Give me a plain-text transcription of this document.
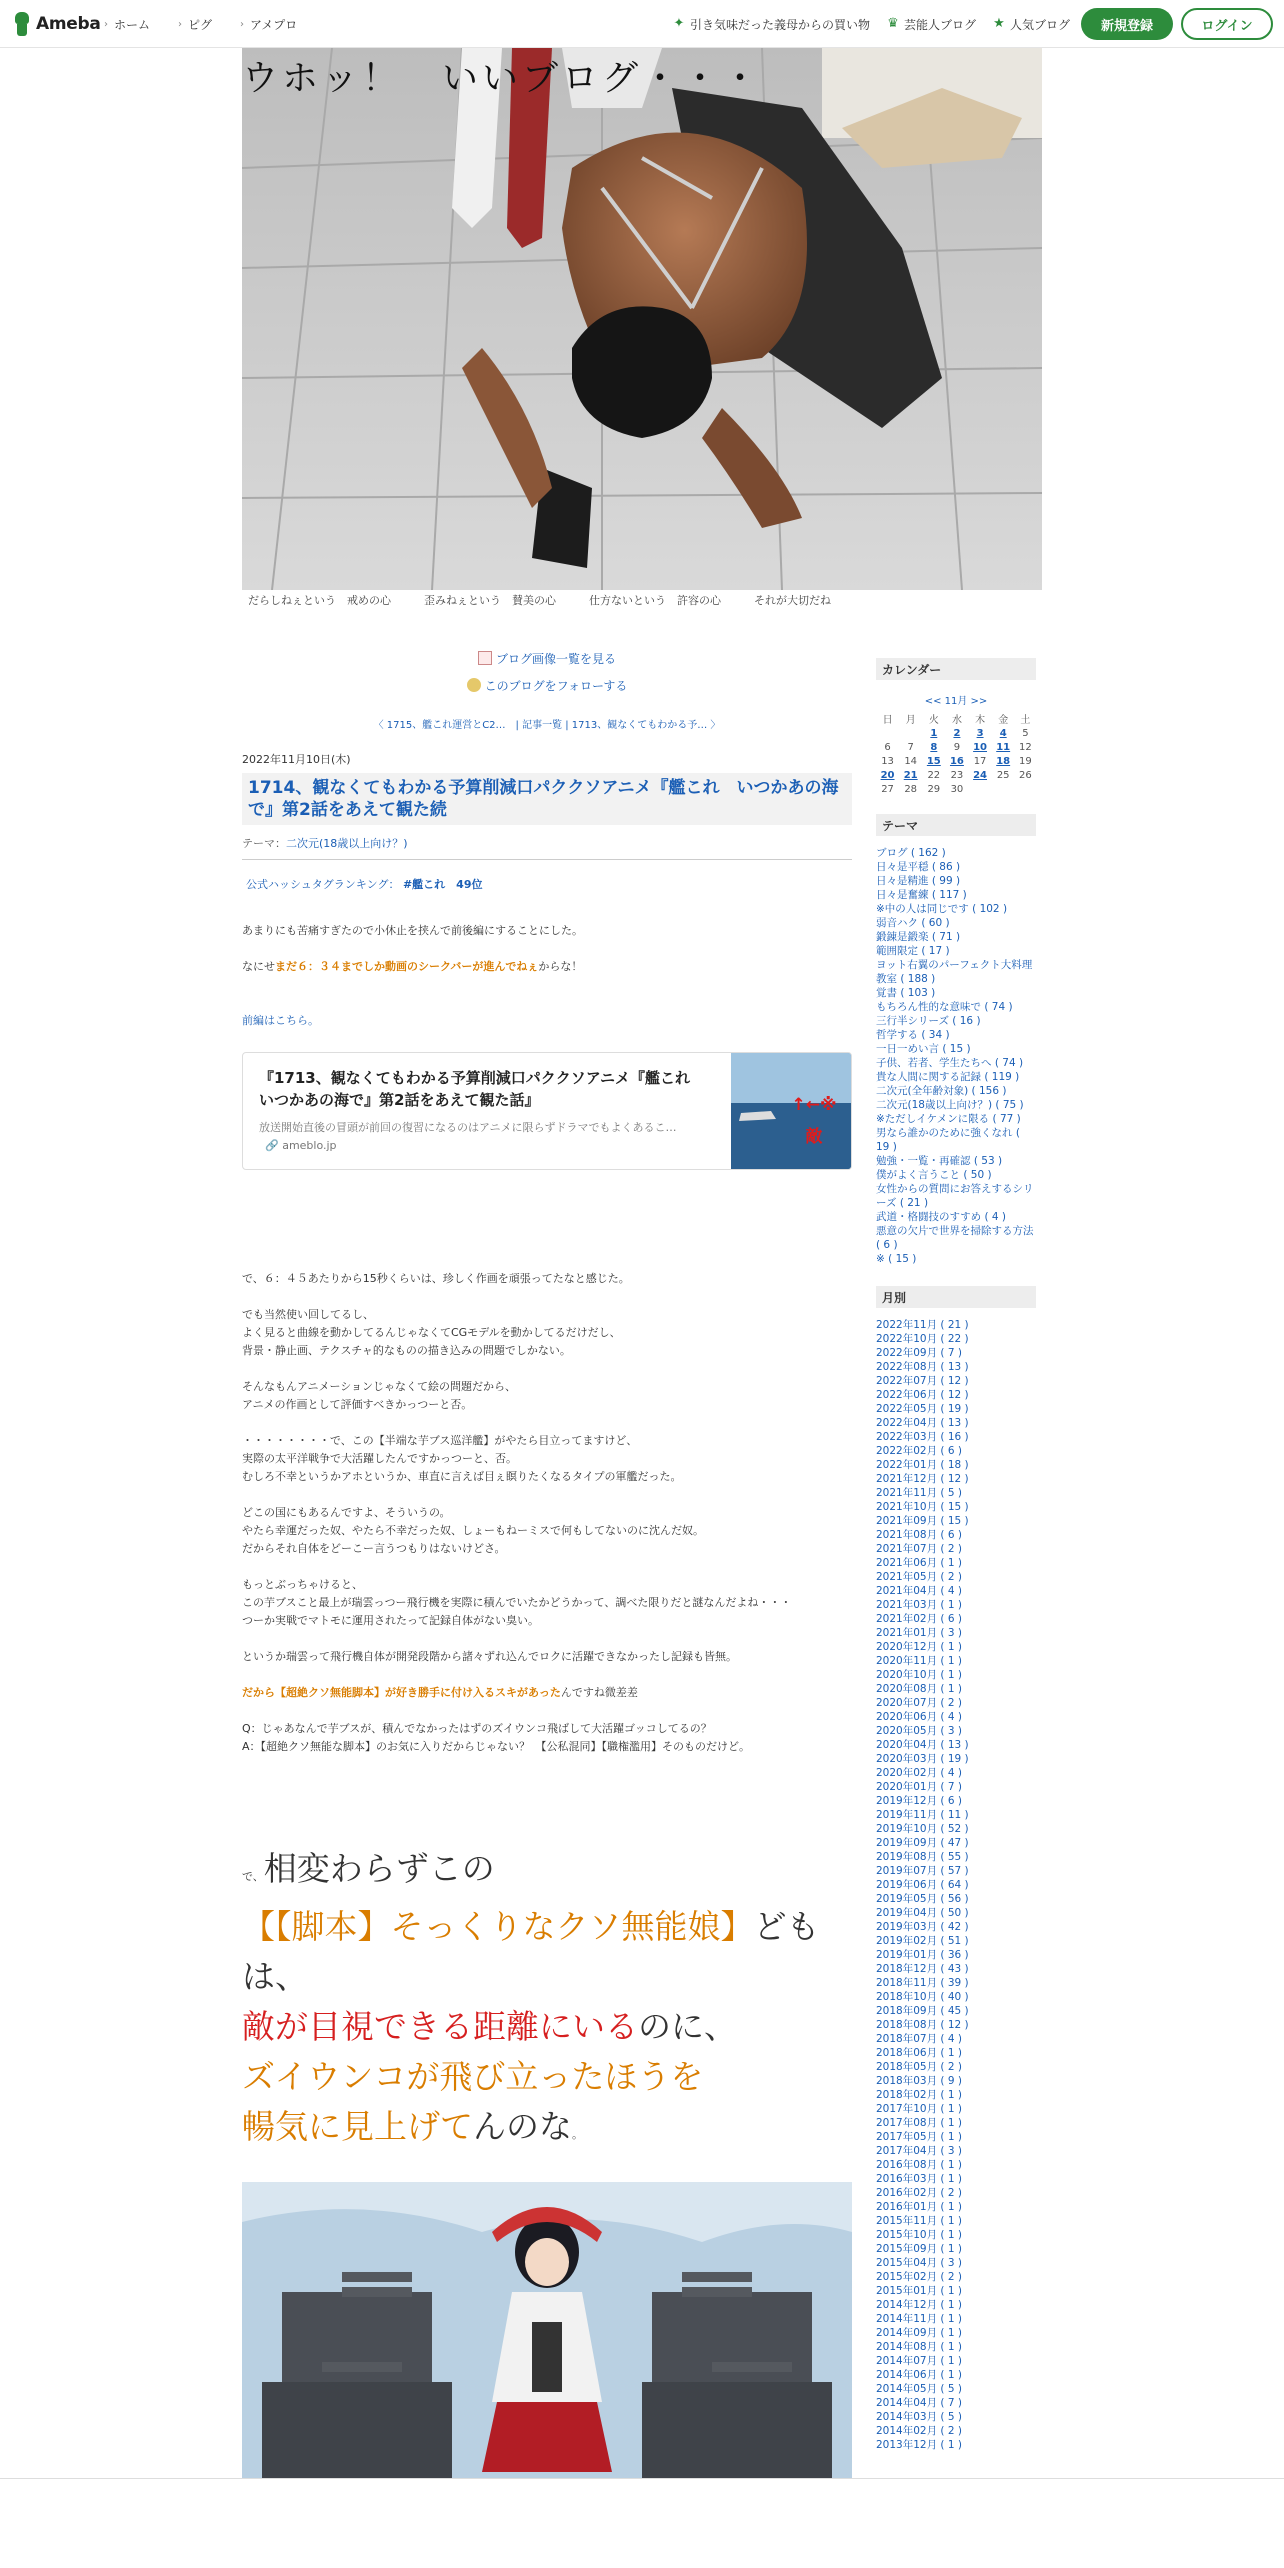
Ameba › ホーム	› ピグ	› アメプロ	✦ 引き気味だった義母からの買い物 ♛ 芸能人ブログ ★ 人気ブログ	新規登録	ログイン
ウホッ！　いいブログ・・・
だらしねぇという　戒めの心　　　歪みねぇという　賛美の心　　　仕方ないという　許容の心　　　それが大切だね
ブログ画像一覧を見る
このブログをフォローする
〈 1715、艦これ運営とC2…　| 記事一覧 | 1713、観なくてもわかる予… 〉
2022年11月10日(木)
1714、観なくてもわかる予算削減口パククソアニメ『艦これ　いつかあの海で』第2話をあえて観た続
テーマ：二次元(18歳以上向け？)
公式ハッシュタグランキング： #艦これ　49位
あまりにも苦痛すぎたので小休止を挟んで前後編にすることにした。
なにせまだ６：３４までしか動画のシークバーが進んでねぇからな！
前編はこちら。
『1713、観なくてもわかる予算削減口パククソアニメ『艦これ　いつかあの海で』第2話をあえて観た話』
放送開始直後の冒頭が前回の復習になるのはアニメに限らずドラマでもよくあるこ…
🔗 ameblo.jp
↑←※
敵
で、６：４５あたりから15秒くらいは、珍しく作画を頑張ってたなと感じた。
でも当然使い回してるし、
よく見ると曲線を動かしてるんじゃなくてCGモデルを動かしてるだけだし、
背景・静止画、テクスチャ的なものの描き込みの問題でしかない。
そんなもんアニメーションじゃなくて絵の問題だから、
アニメの作画として評価すべきかっつーと否。
・・・・・・・・で、この【半端な芋ブス巡洋艦】がやたら目立ってますけど、
実際の太平洋戦争で大活躍したんですかっつーと、否。
むしろ不幸というかアホというか、車直に言えば目ぇ瞑りたくなるタイプの軍艦だった。
どこの国にもあるんですよ、そういうの。
やたら幸運だった奴、やたら不幸だった奴、しょーもねーミスで何もしてないのに沈んだ奴。
だからそれ自体をどーこー言うつもりはないけどさ。
もっとぶっちゃけると、
この芋ブスこと最上が瑞雲っつー飛行機を実際に積んでいたかどうかって、調べた限りだと謎なんだよね・・・
つーか実戦でマトモに運用されたって記録自体がない臭い。
というか瑞雲って飛行機自体が開発段階から諸々ずれ込んでロクに活躍できなかったし記録も皆無。
だから【超絶クソ無能脚本】が好き勝手に付け入るスキがあったんですね微差差
Q：じゃあなんで芋ブスが、積んでなかったはずのズイウンコ飛ばして大活躍ゴッコしてるの？
A：【超絶クソ無能な脚本】のお気に入りだからじゃない？　【公私混同】【職権濫用】そのものだけど。
で、相変わらずこの
【【脚本】そっくりなクソ無能娘】ども
は、
敵が目視できる距離にいるのに、
ズイウンコが飛び立ったほうを
暢気に見上げてんのな。
カレンダー
<< 11月 >>
日	月	火	水	木	金	土
		1	2	3	4	5
6	7	8	9	10	11	12
13	14	15	16	17	18	19
20	21	22	23	24	25	26
27	28	29	30			
テーマ
ブログ ( 162 )
日々是平穏 ( 86 )
日々是精進 ( 99 )
日々是奮練 ( 117 )
※中の人は同じです ( 102 )
弱音ハク ( 60 )
鍛錬是鍛楽 ( 71 )
範囲限定 ( 17 )
ヨット右翼のパーフェクト大料理教室 ( 188 )
覚書 ( 103 )
もちろん性的な意味で ( 74 )
三行半シリーズ ( 16 )
哲学する ( 34 )
一日一めい言 ( 15 )
子供、若者、学生たちへ ( 74 )
貴な人間に関する記録 ( 119 )
二次元(全年齢対象) ( 156 )
二次元(18歳以上向け？) ( 75 )
※ただしイケメンに限る ( 77 )
男なら誰かのために強くなれ ( 19 )
勉強・一覧・再確認 ( 53 )
僕がよく言うこと ( 50 )
女性からの質問にお答えするシリーズ ( 21 )
武道・格闘技のすすめ ( 4 )
悪意の欠片で世界を掃除する方法 ( 6 )
※ ( 15 )
月別
2022年11月 ( 21 )
2022年10月 ( 22 )
2022年09月 ( 7 )
2022年08月 ( 13 )
2022年07月 ( 12 )
2022年06月 ( 12 )
2022年05月 ( 19 )
2022年04月 ( 13 )
2022年03月 ( 16 )
2022年02月 ( 6 )
2022年01月 ( 18 )
2021年12月 ( 12 )
2021年11月 ( 5 )
2021年10月 ( 15 )
2021年09月 ( 15 )
2021年08月 ( 6 )
2021年07月 ( 2 )
2021年06月 ( 1 )
2021年05月 ( 2 )
2021年04月 ( 4 )
2021年03月 ( 1 )
2021年02月 ( 6 )
2021年01月 ( 3 )
2020年12月 ( 1 )
2020年11月 ( 1 )
2020年10月 ( 1 )
2020年08月 ( 1 )
2020年07月 ( 2 )
2020年06月 ( 4 )
2020年05月 ( 3 )
2020年04月 ( 13 )
2020年03月 ( 19 )
2020年02月 ( 4 )
2020年01月 ( 7 )
2019年12月 ( 6 )
2019年11月 ( 11 )
2019年10月 ( 52 )
2019年09月 ( 47 )
2019年08月 ( 55 )
2019年07月 ( 57 )
2019年06月 ( 64 )
2019年05月 ( 56 )
2019年04月 ( 50 )
2019年03月 ( 42 )
2019年02月 ( 51 )
2019年01月 ( 36 )
2018年12月 ( 43 )
2018年11月 ( 39 )
2018年10月 ( 40 )
2018年09月 ( 45 )
2018年08月 ( 12 )
2018年07月 ( 4 )
2018年06月 ( 1 )
2018年05月 ( 2 )
2018年03月 ( 9 )
2018年02月 ( 1 )
2017年10月 ( 1 )
2017年08月 ( 1 )
2017年05月 ( 1 )
2017年04月 ( 3 )
2016年08月 ( 1 )
2016年03月 ( 1 )
2016年02月 ( 2 )
2016年01月 ( 1 )
2015年11月 ( 1 )
2015年10月 ( 1 )
2015年09月 ( 1 )
2015年04月 ( 3 )
2015年02月 ( 2 )
2015年01月 ( 1 )
2014年12月 ( 1 )
2014年11月 ( 1 )
2014年09月 ( 1 )
2014年08月 ( 1 )
2014年07月 ( 1 )
2014年06月 ( 1 )
2014年05月 ( 5 )
2014年04月 ( 7 )
2014年03月 ( 5 )
2014年02月 ( 2 )
2013年12月 ( 1 )
